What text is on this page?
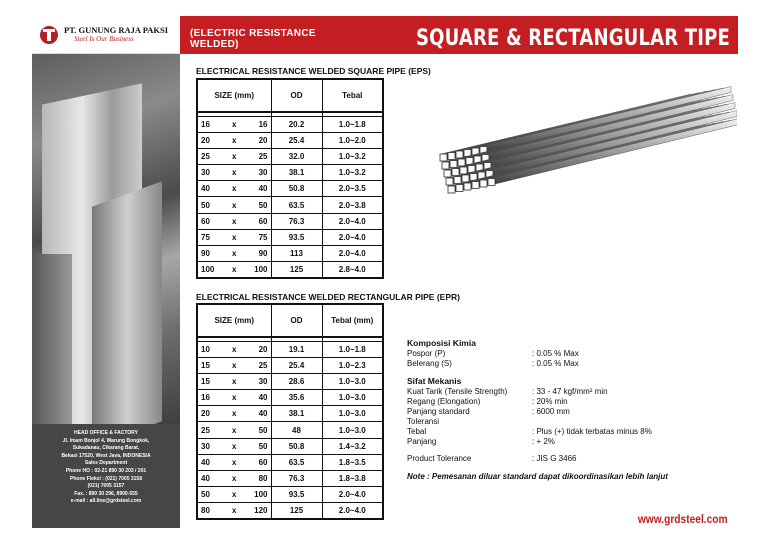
PT. GUNUNG RAJA PAKSI
Steel Is Our Business
(ELECTRIC RESISTANCE WELDED)	SQUARE & RECTANGULAR TIPE
HEAD OFFICE & FACTORY
Jl. Imam Bonjol 4, Warung Bongkok,
Sukadanau, Cikarang Barat,
Bekasi 17520, West Java, INDONESIA
Sales Department
Phone HO : 02-21 890 30 203 / 201
Phone Fleksi : (021) 7005 3158
(021) 7005 3157
Fax. : 890 30 296, 8900-555
e-mail : all.line@grdsteel.com
ELECTRICAL RESISTANCE WELDED SQUARE PIPE (EPS)
SIZE (mm)	OD	Tebal

16 x 16	20.2	1.0~1.8

20 x 20	25.4	1.0~2.0

25 x 25	32.0	1.0~3.2

30 x 30	38.1	1.0~3.2

40 x 40	50.8	2.0~3.5

50 x 50	63.5	2.0~3.8

60 x 60	76.3	2.0~4.0

75 x 75	93.5	2.0~4.0

90 x 90	113	2.0~4.0

100 x 100	125	2.8~4.0
ELECTRICAL RESISTANCE WELDED RECTANGULAR PIPE (EPR)
SIZE (mm)	OD	Tebal (mm)

10 x 20	19.1	1.0~1.8

15 x 25	25.4	1.0~2.3

15 x 30	28.6	1.0~3.0

16 x 40	35.6	1.0~3.0

20 x 40	38.1	1.0~3.0

25 x 50	48	1.0~3.0

30 x 50	50.8	1.4~3.2

40 x 60	63.5	1.8~3.5

40 x 80	76.3	1.8~3.8

50 x 100	93.5	2.0~4.0

80 x 120	125	2.0~4.0
Komposisi Kimia
Pospor (P)	: 0.05 % Max
Belerang (S)	: 0.05 % Max
Sifat Mekanis
Kuat Tarik (Tensile Strength)	: 33 - 47 kgf/mm² min
Regang (Elongation)	: 20% min
Panjang standard	: 6000 mm
Toleransi
Tebal	: Plus (+) tidak terbatas minus 8%
Panjang	: + 2%
Product Tolerance	: JIS G 3466
Note : Pemesanan diluar standard dapat dikoordinasikan lebih lanjut
www.grdsteel.com
